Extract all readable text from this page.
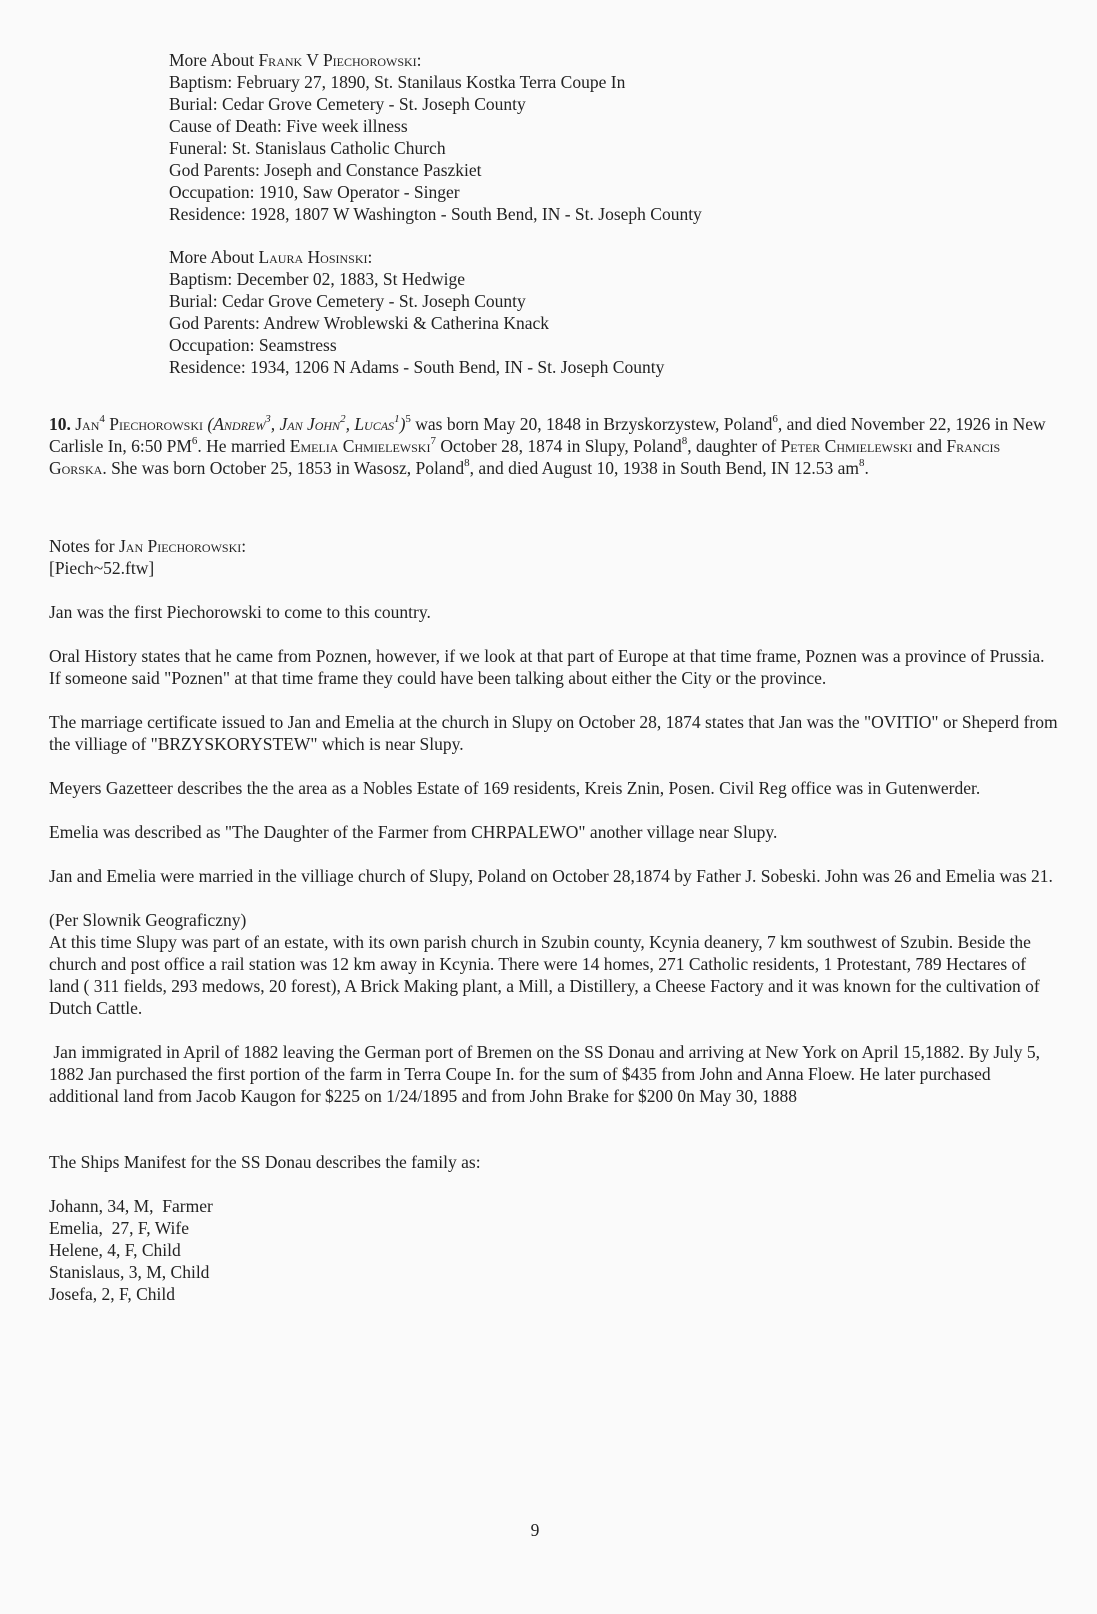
More About Frank V Piechorowski:

Baptism: February 27, 1890, St. Stanilaus Kostka Terra Coupe In

Burial: Cedar Grove Cemetery - St. Joseph County

Cause of Death: Five week illness

Funeral: St. Stanislaus Catholic Church

God Parents: Joseph and Constance Paszkiet

Occupation: 1910, Saw Operator - Singer

Residence: 1928, 1807 W Washington - South Bend, IN - St. Joseph County

More About Laura Hosinski:

Baptism: December 02, 1883, St Hedwige

Burial: Cedar Grove Cemetery - St. Joseph County

God Parents: Andrew Wroblewski & Catherina Knack

Occupation: Seamstress

Residence: 1934, 1206 N Adams - South Bend, IN - St. Joseph County

10. Jan$^4$ Piechorowski (Andrew$^3$, Jan John$^2$, Lucas$^1$)$^5$ was born May 20, 1848 in Brzyskorzystew, Poland$^6$, and died November 22, 1926 in New Carlisle In, 6:50 $PM^6$. He married Emelia Chmielewski$^7$ October 28, 1874 in Slupy, Poland$^8$, daughter of Peter Chmielewski and Francis Gorska. She was born October 25, 1853 in Wasosz, Poland$^8$, and died August 10, 1938 in South Bend, IN 12.53 $am^8$.

Notes for Jan Piechorowski:

[Piech~52.ftw]

Jan was the first Piechorowski to come to this country.

Oral History states that he came from Poznen, however, if we look at that part of Europe at that time frame, Poznen was a province of Prussia. If someone said "Poznen" at that time frame they could have been talking about either the City or the province.

The marriage certificate issued to Jan and Emelia at the church in Slupy on October 28, 1874 states that Jan was the "OVITIO" or Sheperd from the villiage of "BRZYSKORYSTEW" which is near Slupy.

Meyers Gazetteer describes the the area as a Nobles Estate of 169 residents, Kreis Znin, Posen. Civil Reg office was in Gutenwerder.

Emelia was described as "The Daughter of the Farmer from CHRPALEWO" another village near Slupy.

Jan and Emelia were married in the villiage church of Slupy, Poland on October 28,1874 by Father J. Sobeski. John was 26 and Emelia was 21.

(Per Slownik Geograficzny)

At this time Slupy was part of an estate, with its own parish church in Szubin county, Kcynia deanery, 7 km southwest of Szubin. Beside the church and post office a rail station was 12 km away in Kcynia. There were 14 homes, 271 Catholic residents, 1 Protestant, 789 Hectares of land ( 311 fields, 293 medows, 20 forest), A Brick Making plant, a Mill, a Distillery, a Cheese Factory and it was known for the cultivation of Dutch Cattle.

Jan immigrated in April of 1882 leaving the German port of Bremen on the SS Donau and arriving at New York on April 15,1882. By July 5, 1882 Jan purchased the first portion of the farm in Terra Coupe In. for the sum of $435 from John and Anna Floew. He later purchased additional land from Jacob Kaugon for $225 on 1/24/1895 and from John Brake for $200 0n May 30, 1888

The Ships Manifest for the SS Donau describes the family as:

Johann, 34, M,  Farmer

Emelia,  27, F, Wife

Helene, 4, F, Child

Stanislaus, 3, M, Child

Josefa, 2, F, Child

9
